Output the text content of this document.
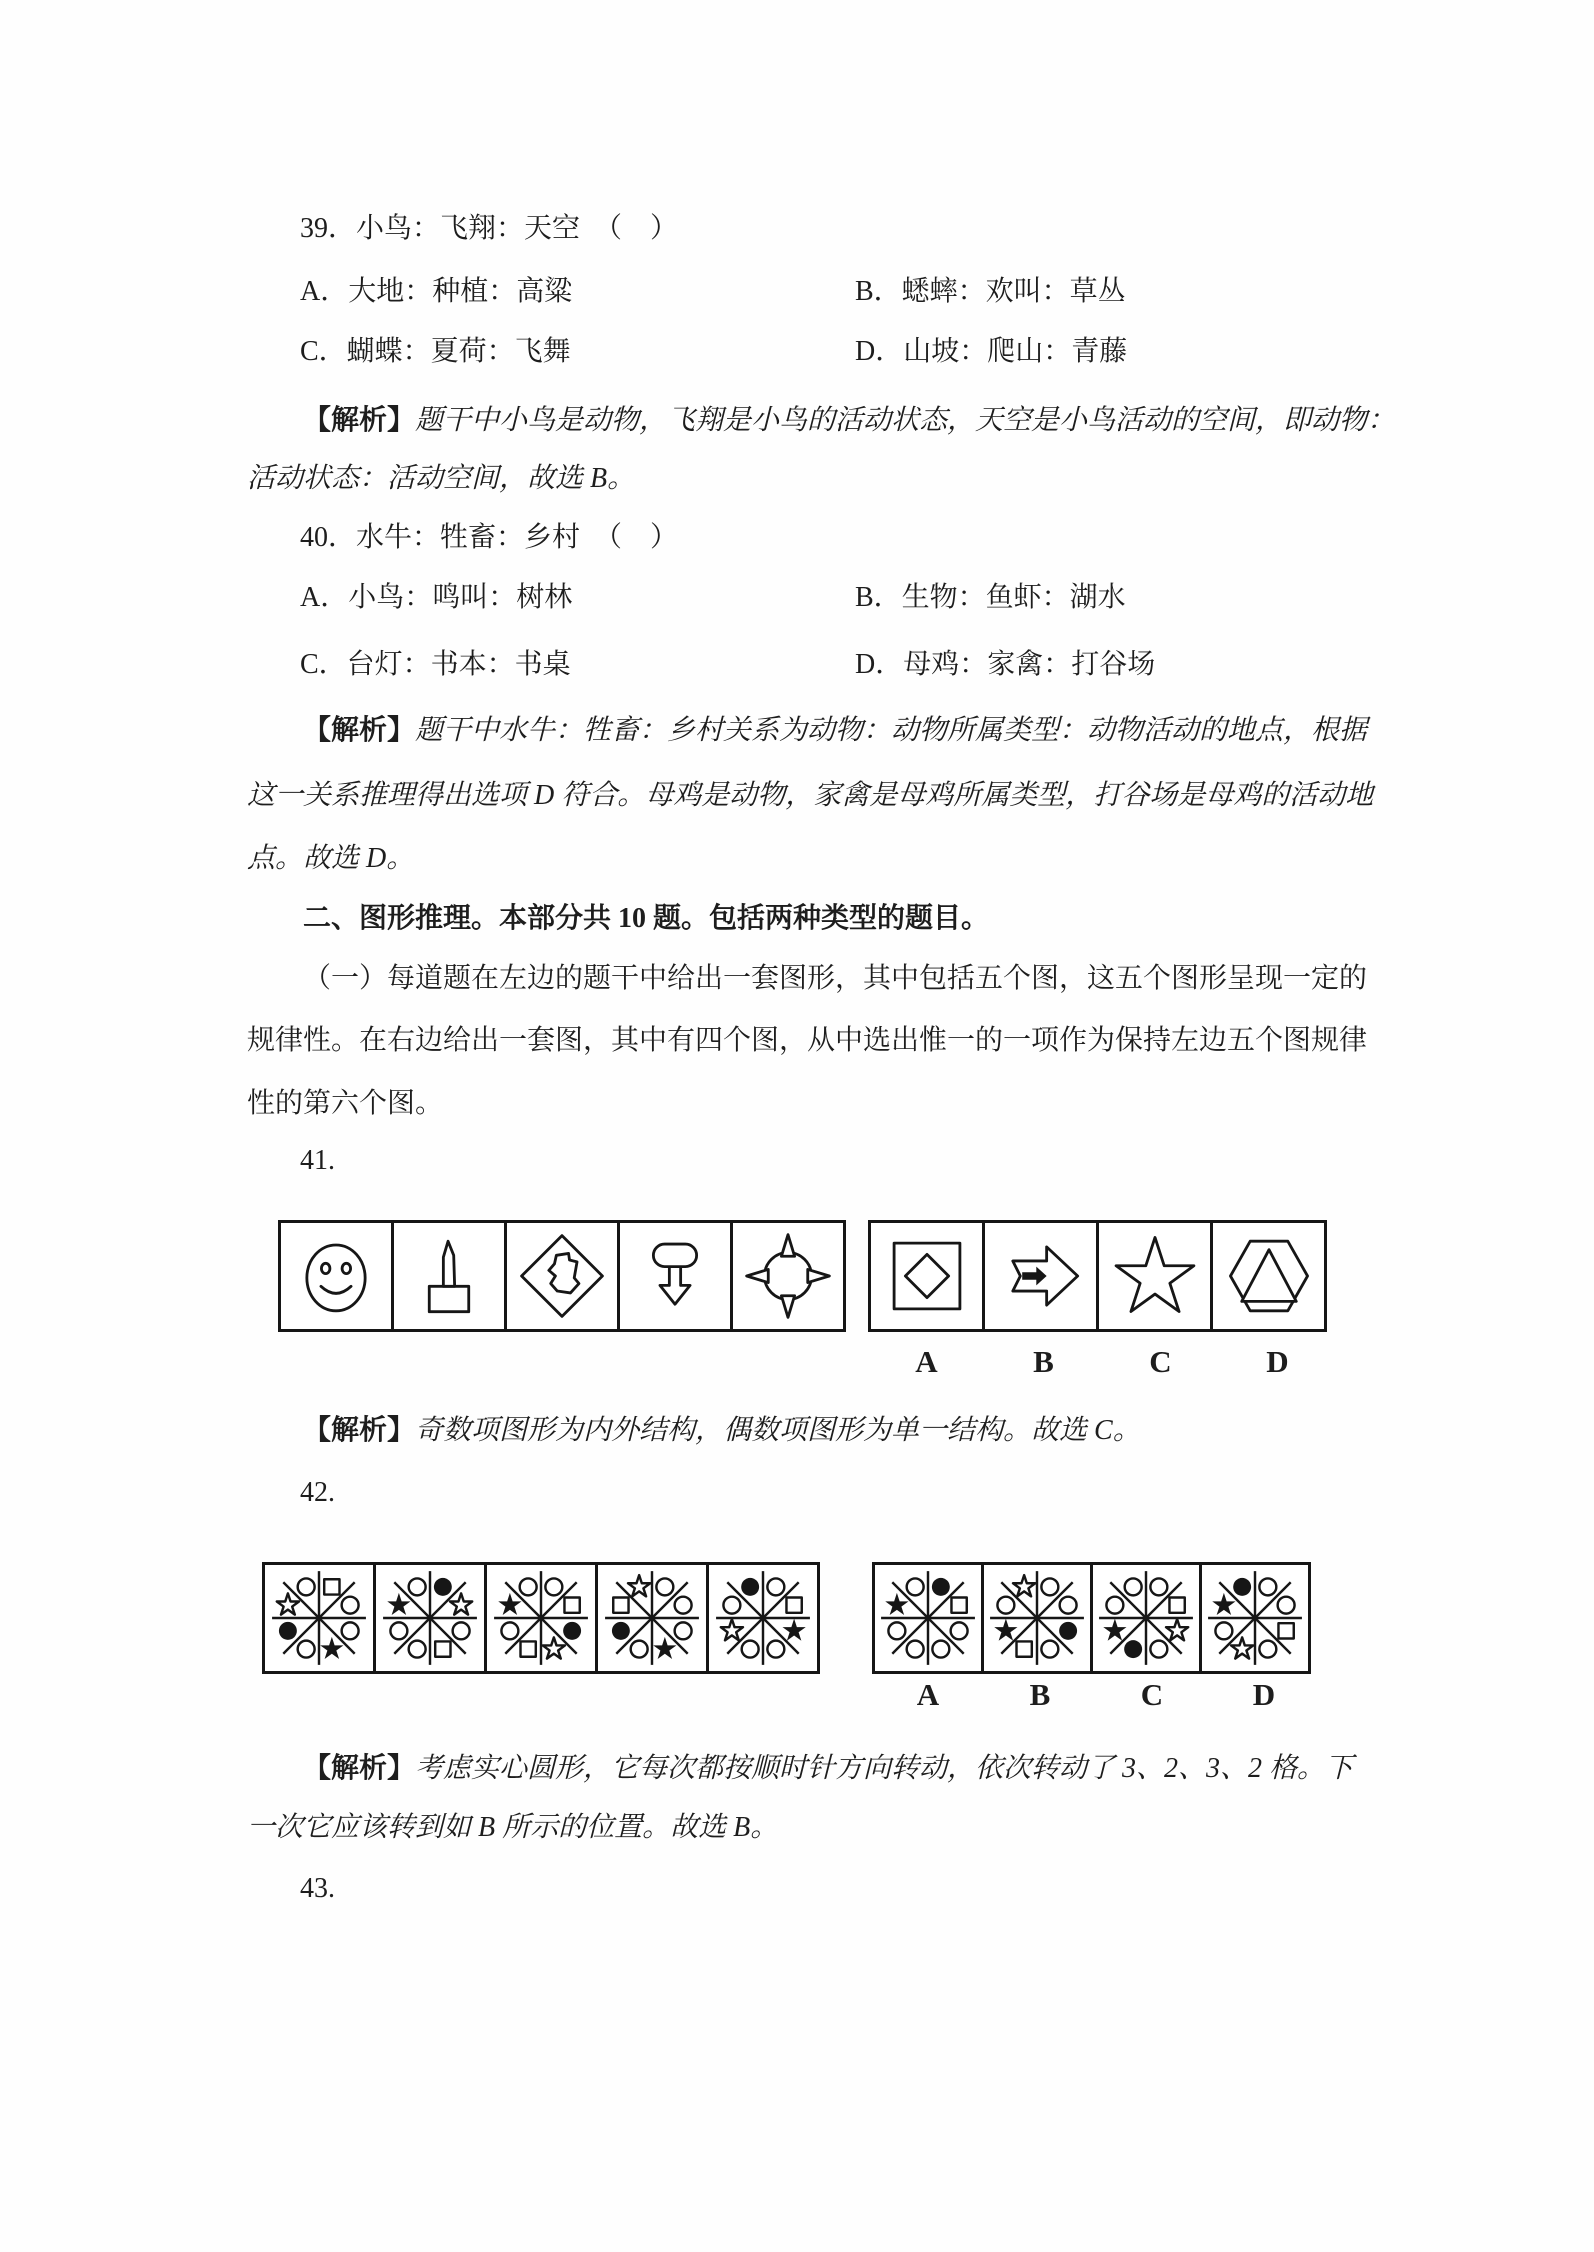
39．小鸟：飞翔：天空　（　）
A．大地：种植：高粱	B．蟋蟀：欢叫：草丛
C．蝴蝶：夏荷：飞舞	D．山坡：爬山：青藤
【解析】题干中小鸟是动物，飞翔是小鸟的活动状态，天空是小鸟活动的空间，即动物：
活动状态：活动空间，故选 B。
40．水牛：牲畜：乡村　（　）
A．小鸟：鸣叫：树林	B．生物：鱼虾：湖水
C．台灯：书本：书桌	D．母鸡：家禽：打谷场
【解析】题干中水牛：牲畜：乡村关系为动物：动物所属类型：动物活动的地点，根据
这一关系推理得出选项 D 符合。母鸡是动物，家禽是母鸡所属类型，打谷场是母鸡的活动地
点。故选 D。
二、图形推理。本部分共 10 题。包括两种类型的题目。
（一）每道题在左边的题干中给出一套图形，其中包括五个图，这五个图形呈现一定的
规律性。在右边给出一套图，其中有四个图，从中选出惟一的一项作为保持左边五个图规律
性的第六个图。
41.
A	B	C	D
【解析】奇数项图形为内外结构，偶数项图形为单一结构。故选 C。
42.
A	B	C	D
【解析】考虑实心圆形，它每次都按顺时针方向转动，依次转动了 3、2、3、2 格。下
一次它应该转到如 B 所示的位置。故选 B。
43.
